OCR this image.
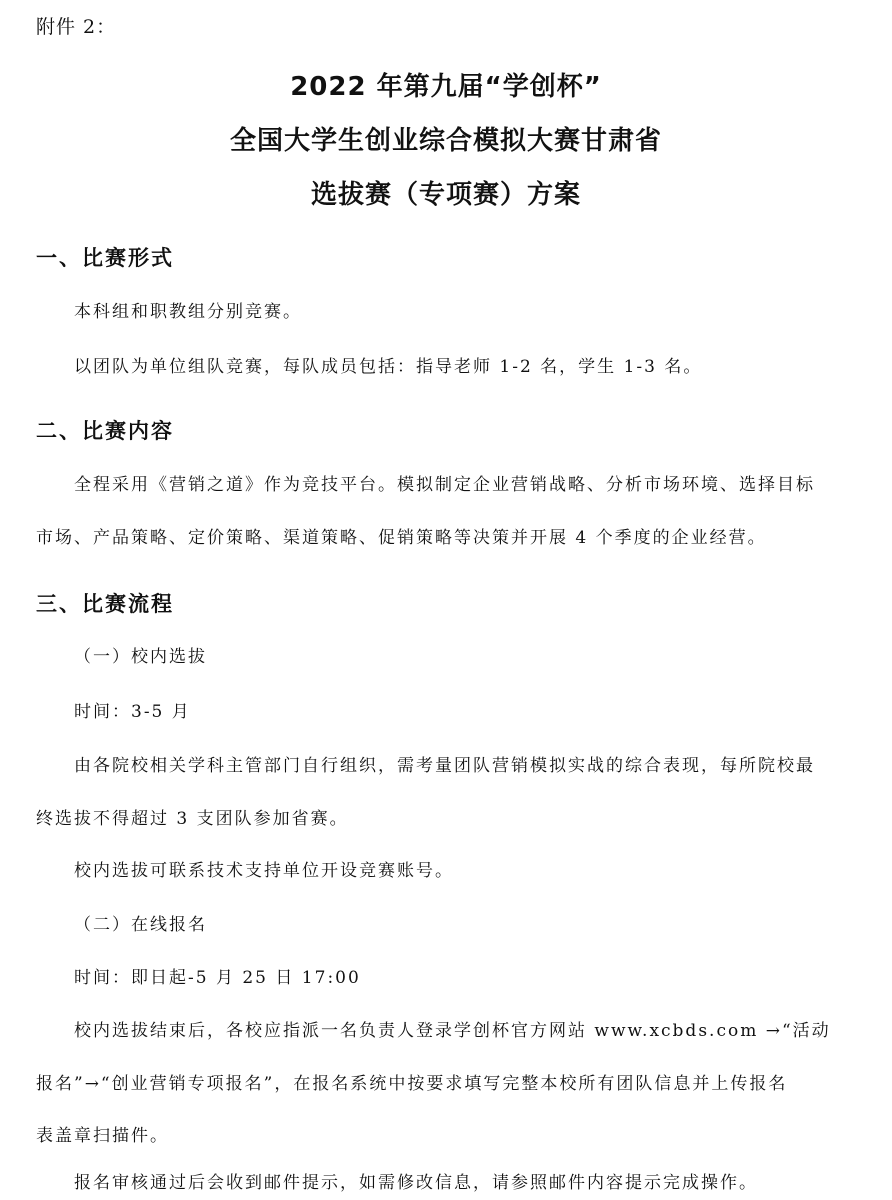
附件 2：
2022 年第九届“学创杯”
全国大学生创业综合模拟大赛甘肃省
选拔赛（专项赛）方案
一、比赛形式
本科组和职教组分别竞赛。
以团队为单位组队竞赛，每队成员包括：指导老师 1-2 名，学生 1-3 名。
二、比赛内容
全程采用《营销之道》作为竞技平台。模拟制定企业营销战略、分析市场环境、选择目标
市场、产品策略、定价策略、渠道策略、促销策略等决策并开展 4 个季度的企业经营。
三、比赛流程
（一）校内选拔
时间：3-5 月
由各院校相关学科主管部门自行组织，需考量团队营销模拟实战的综合表现，每所院校最
终选拔不得超过 3 支团队参加省赛。
校内选拔可联系技术支持单位开设竞赛账号。
（二）在线报名
时间：即日起-5 月 25 日 17:00
校内选拔结束后，各校应指派一名负责人登录学创杯官方网站 www.xcbds.com →“活动
报名”→“创业营销专项报名”，在报名系统中按要求填写完整本校所有团队信息并上传报名
表盖章扫描件。
报名审核通过后会收到邮件提示，如需修改信息，请参照邮件内容提示完成操作。
